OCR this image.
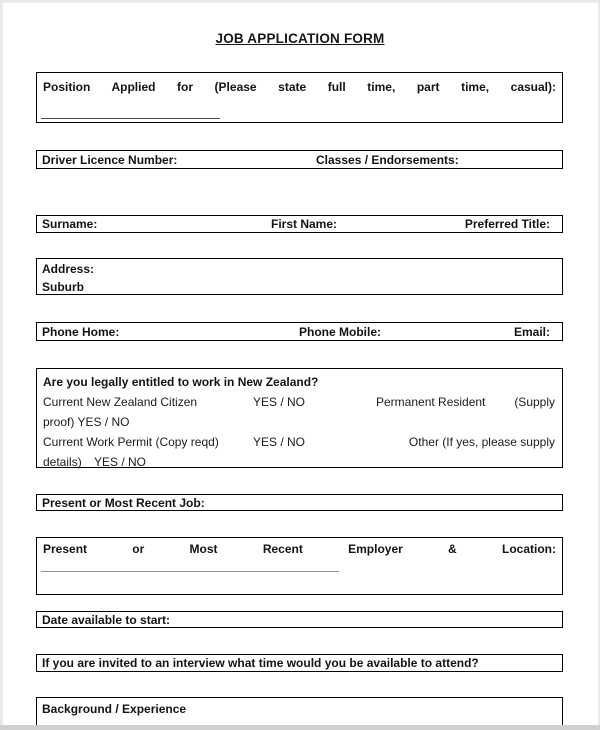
JOB APPLICATION FORM
Position Applied for (Please state full time, part time, casual):
Driver Licence Number:	Classes / Endorsements:
Surname:	First Name:	Preferred Title:
Address:
Suburb
Phone Home:	Phone Mobile:	Email:
Are you legally entitled to work in New Zealand?
Current New Zealand Citizen	YES / NO	Permanent Resident (Supply
proof) YES / NO
Current Work Permit (Copy reqd)	YES / NO	Other (If yes, please supply
details) YES / NO
Present or Most Recent Job:
Present or Most Recent Employer & Location:
Date available to start:
If you are invited to an interview what time would you be available to attend?
Background / Experience
